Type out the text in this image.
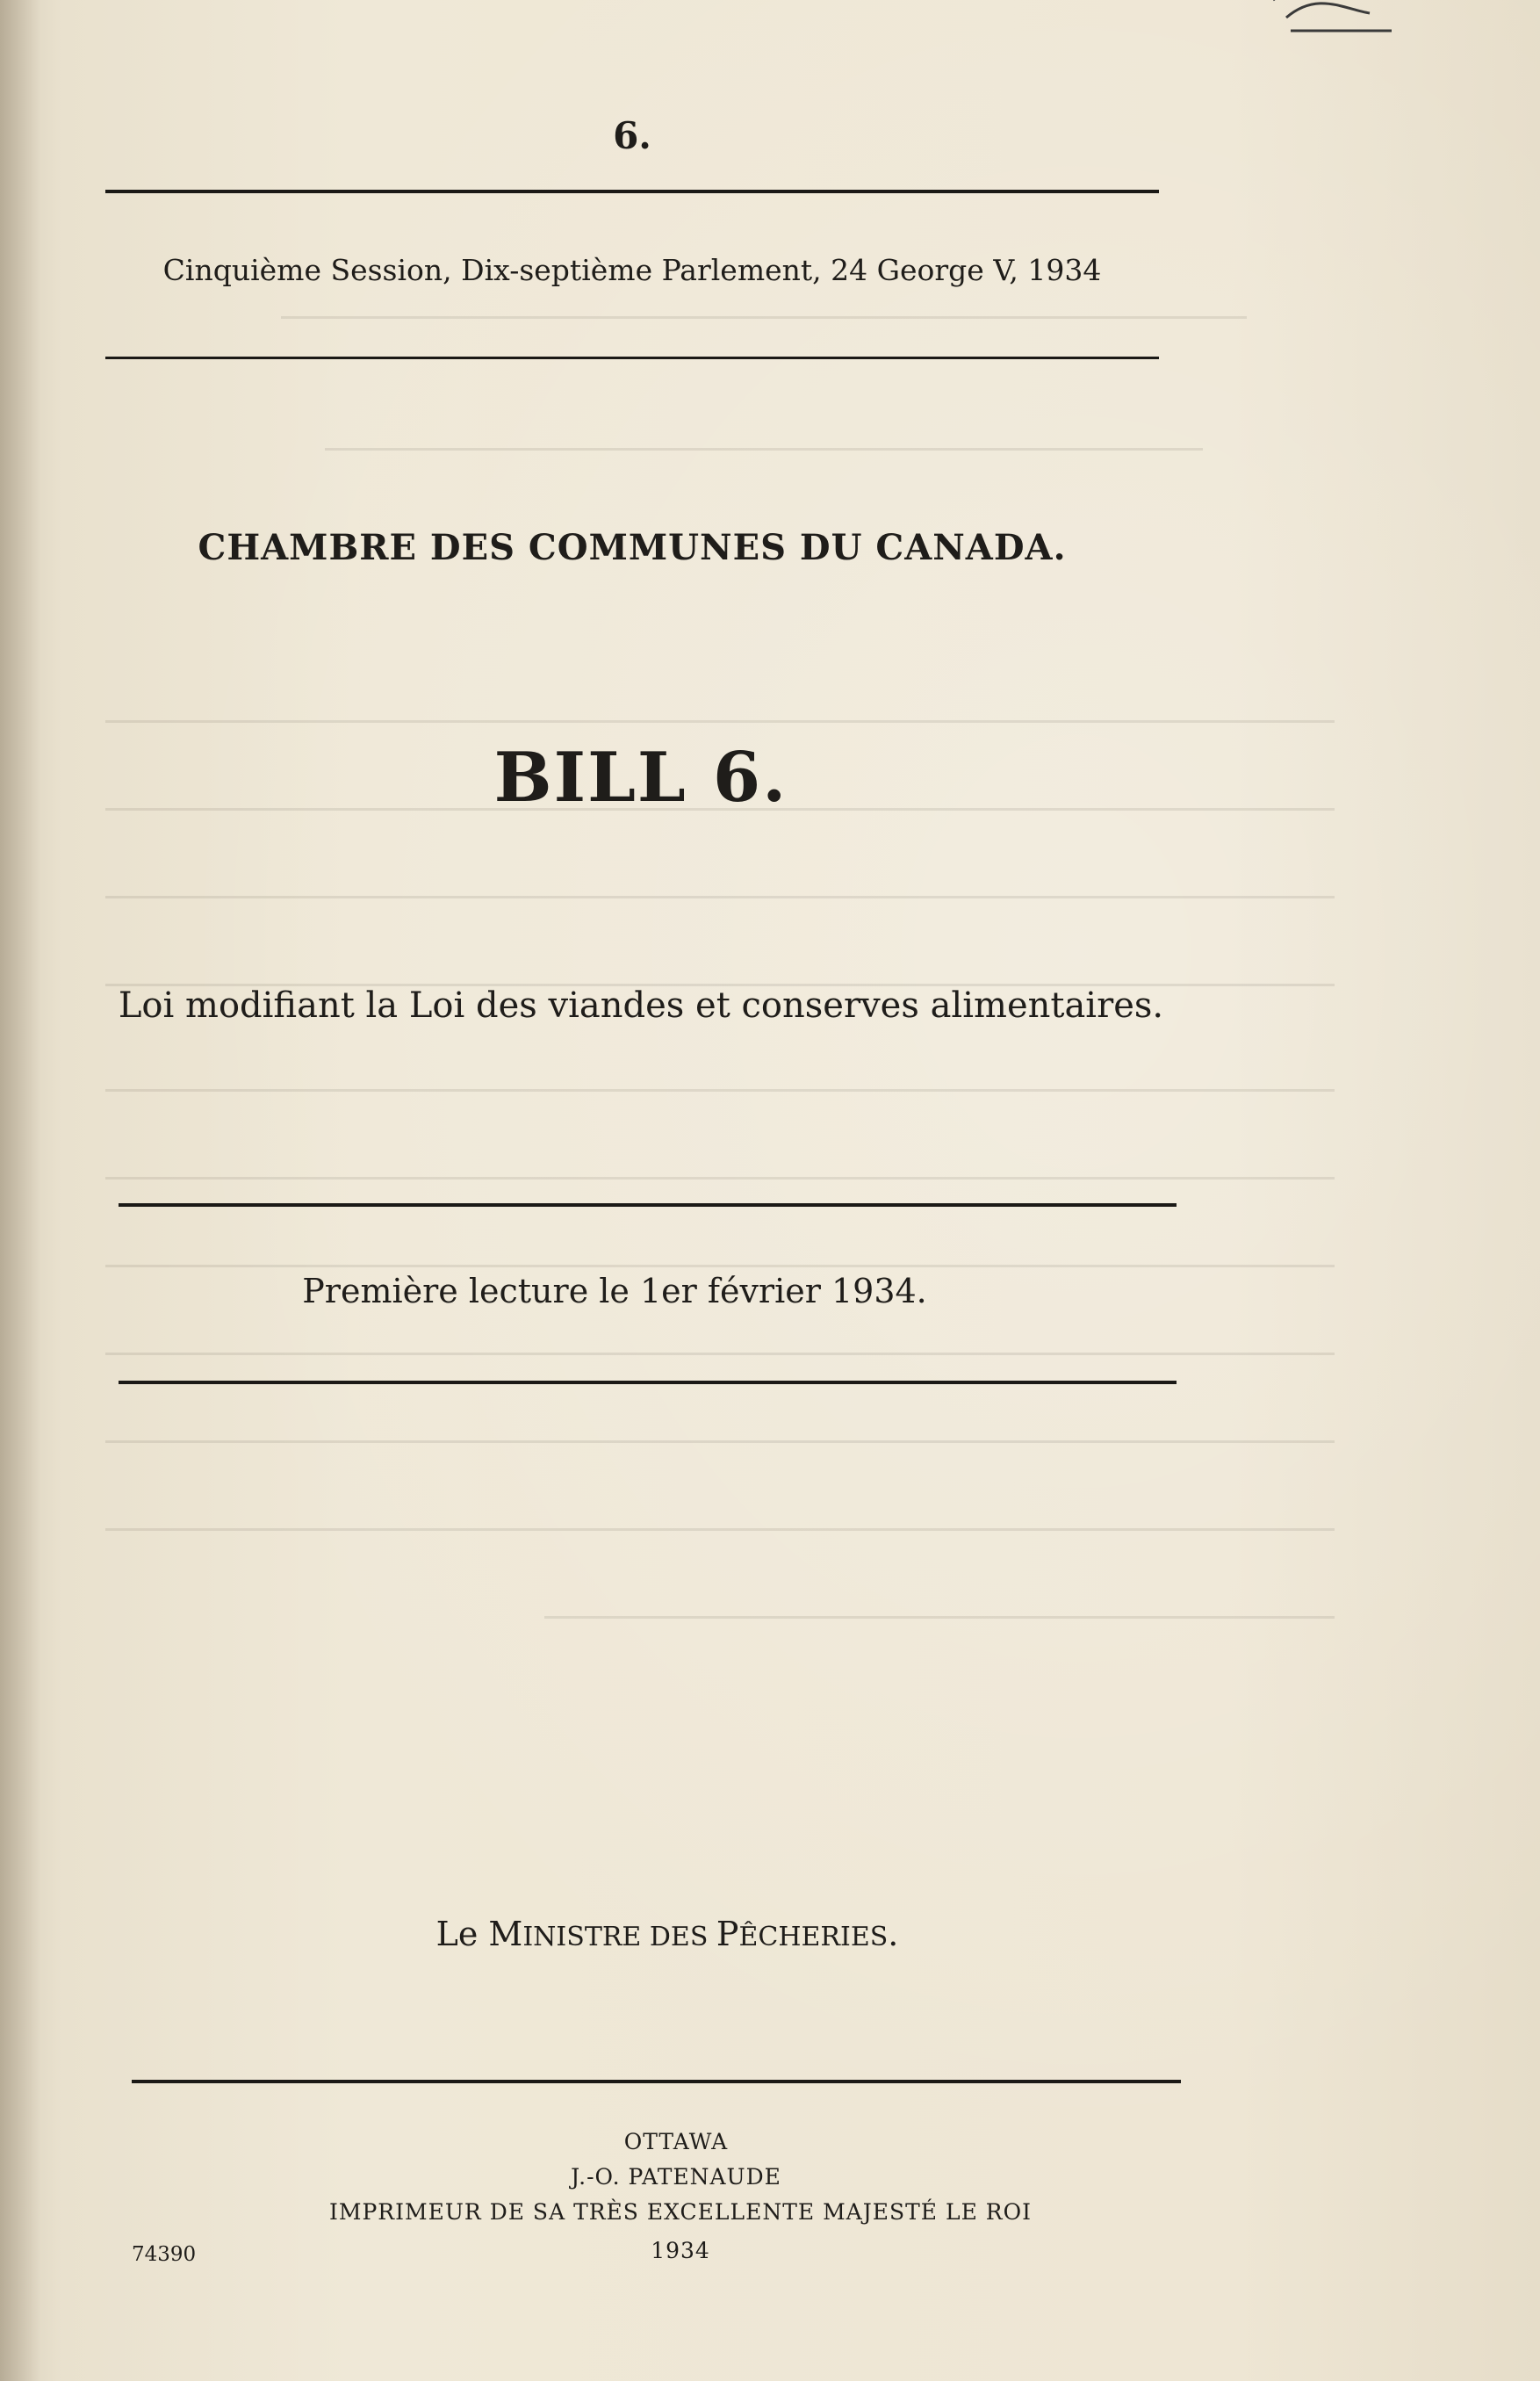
6.
Cinquième Session, Dix-septième Parlement, 24 George V, 1934
CHAMBRE DES COMMUNES DU CANADA.
BILL 6.
Loi modifiant la Loi des viandes et conserves alimentaires.
Première lecture le 1er février 1934.
Le MINISTRE DES PÊCHERIES.
OTTAWA
J.-O. PATENAUDE
IMPRIMEUR DE SA TRÈS EXCELLENTE MAJESTÉ LE ROI
1934
74390
